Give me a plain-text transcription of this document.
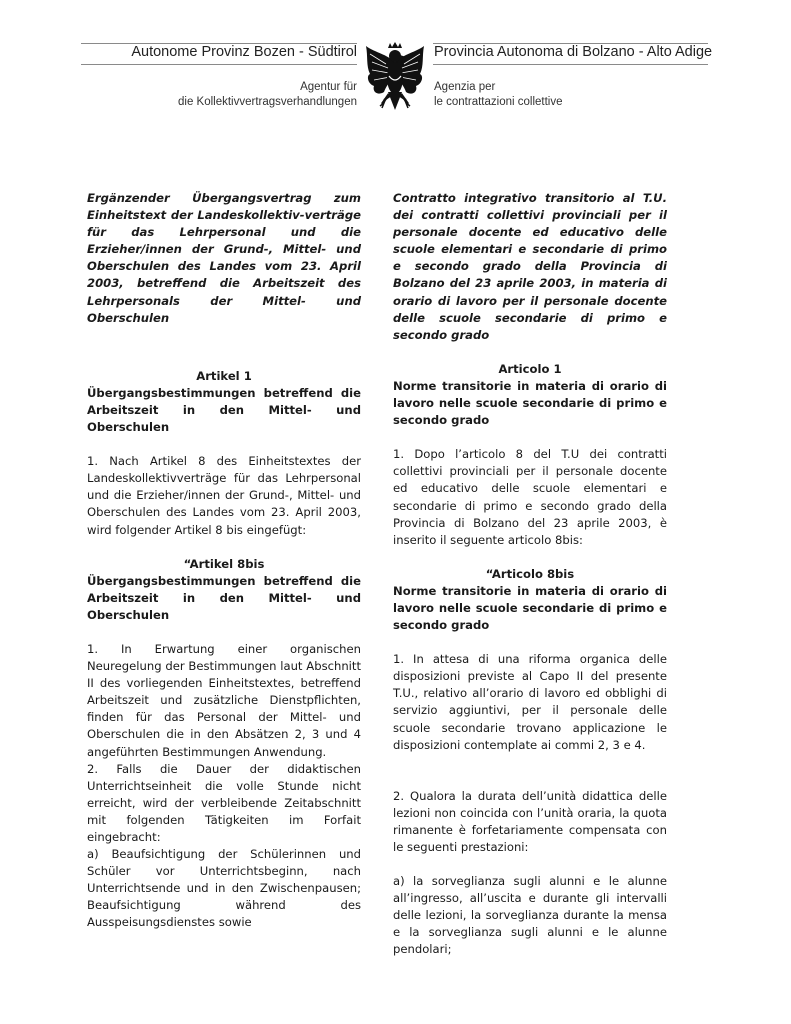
Autonome Provinz Bozen - Südtirol	Provincia Autonoma di Bolzano - Alto Adige
Agentur für
die Kollektivvertragsverhandlungen
Agenzia per
le contrattazioni collettive

Ergänzender Übergangsvertrag zum Einheitstext der Landeskollektiv-verträge für das Lehrpersonal und die Erzieher/innen der Grund-, Mittel- und Oberschulen des Landes vom 23. April 2003, betreffend die Arbeitszeit des Lehrpersonals der Mittel- und Oberschulen

Artikel 1
Übergangsbestimmungen betreffend die Arbeitszeit in den Mittel- und Oberschulen

1. Nach Artikel 8 des Einheitstextes der Landeskollektivverträge für das Lehrpersonal und die Erzieher/innen der Grund-, Mittel- und Oberschulen des Landes vom 23. April 2003, wird folgender Artikel 8 bis eingefügt:

“Artikel 8bis
Übergangsbestimmungen betreffend die Arbeitszeit in den Mittel- und Oberschulen

1. In Erwartung einer organischen Neuregelung der Bestimmungen laut Abschnitt II des vorliegenden Einheitstextes, betreffend Arbeitszeit und zusätzliche Dienstpflichten, finden für das Personal der Mittel- und Oberschulen die in den Absätzen 2, 3 und 4 angeführten Bestimmungen Anwendung.

2. Falls die Dauer der didaktischen Unterrichtseinheit die volle Stunde nicht erreicht, wird der verbleibende Zeitabschnitt mit folgenden Tätigkeiten im Forfait eingebracht:

a) Beaufsichtigung der Schülerinnen und Schüler vor Unterrichtsbeginn, nach Unterrichtsende und in den Zwischenpausen; Beaufsichtigung während des Ausspeisungsdienstes sowie

Contratto integrativo transitorio al T.U. dei contratti collettivi provinciali per il personale docente ed educativo delle scuole elementari e secondarie di primo e secondo grado della Provincia di Bolzano del 23 aprile 2003, in materia di orario di lavoro per il personale docente delle scuole secondarie di primo e secondo grado

Articolo 1
Norme transitorie in materia di orario di lavoro nelle scuole secondarie di primo e secondo grado

1. Dopo l’articolo 8 del T.U dei contratti collettivi provinciali per il personale docente ed educativo delle scuole elementari e secondarie di primo e secondo grado della Provincia di Bolzano del 23 aprile 2003, è inserito il seguente articolo 8bis:

“Articolo 8bis
Norme transitorie in materia di orario di lavoro nelle scuole secondarie di primo e secondo grado

1. In attesa di una riforma organica delle disposizioni previste al Capo II del presente T.U., relativo all’orario di lavoro ed obblighi di servizio aggiuntivi, per il personale delle scuole secondarie trovano applicazione le disposizioni contemplate ai commi 2, 3 e 4.

2. Qualora la durata dell’unità didattica delle lezioni non coincida con l’unità oraria, la quota rimanente è forfetariamente compensata con le seguenti prestazioni:

a) la sorveglianza sugli alunni e le alunne all’ingresso, all’uscita e durante gli intervalli delle lezioni, la sorveglianza durante la mensa e la sorveglianza sugli alunni e le alunne pendolari;
